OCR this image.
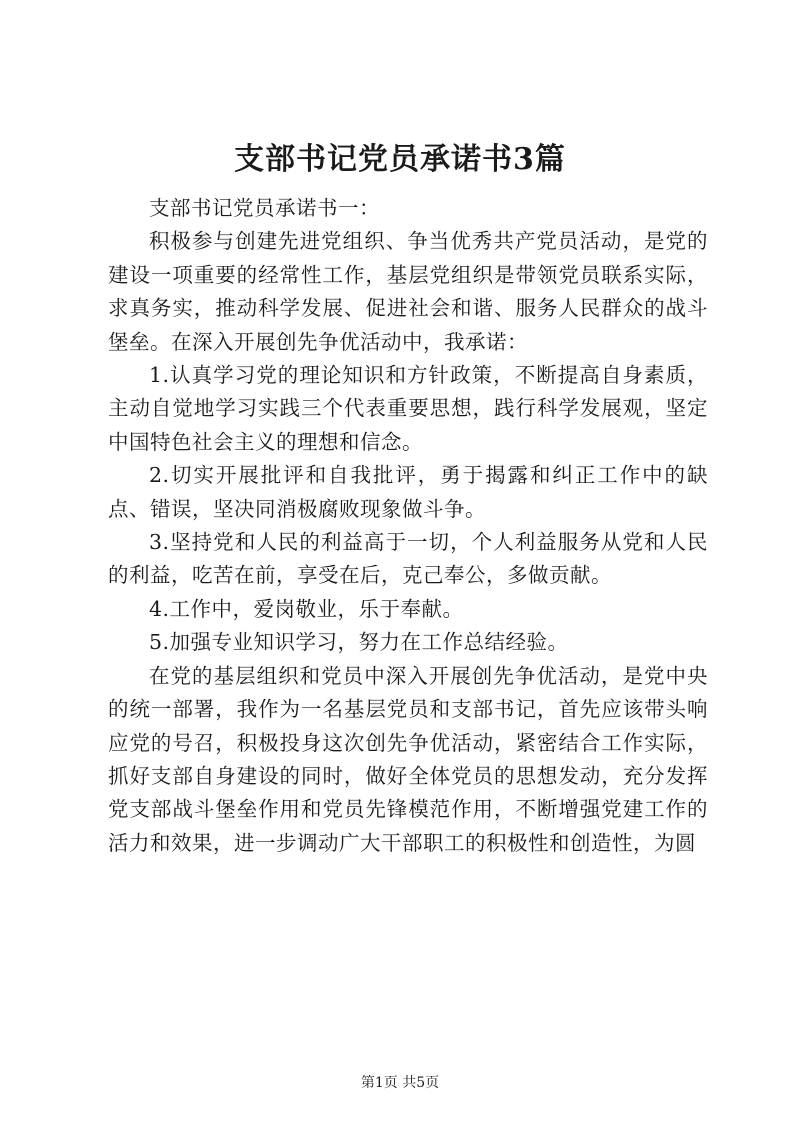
支部书记党员承诺书3篇

支部书记党员承诺书一：

积极参与创建先进党组织、争当优秀共产党员活动，是党的建设一项重要的经常性工作，基层党组织是带领党员联系实际，求真务实，推动科学发展、促进社会和谐、服务人民群众的战斗堡垒。在深入开展创先争优活动中，我承诺：

1.认真学习党的理论知识和方针政策，不断提高自身素质，主动自觉地学习实践三个代表重要思想，践行科学发展观，坚定中国特色社会主义的理想和信念。

2.切实开展批评和自我批评，勇于揭露和纠正工作中的缺点、错误，坚决同消极腐败现象做斗争。

3.坚持党和人民的利益高于一切，个人利益服务从党和人民的利益，吃苦在前，享受在后，克己奉公，多做贡献。

4.工作中，爱岗敬业，乐于奉献。

5.加强专业知识学习，努力在工作总结经验。

在党的基层组织和党员中深入开展创先争优活动，是党中央的统一部署，我作为一名基层党员和支部书记，首先应该带头响应党的号召，积极投身这次创先争优活动，紧密结合工作实际，抓好支部自身建设的同时，做好全体党员的思想发动，充分发挥党支部战斗堡垒作用和党员先锋模范作用，不断增强党建工作的活力和效果，进一步调动广大干部职工的积极性和创造性，为圆

第1页 共5页
